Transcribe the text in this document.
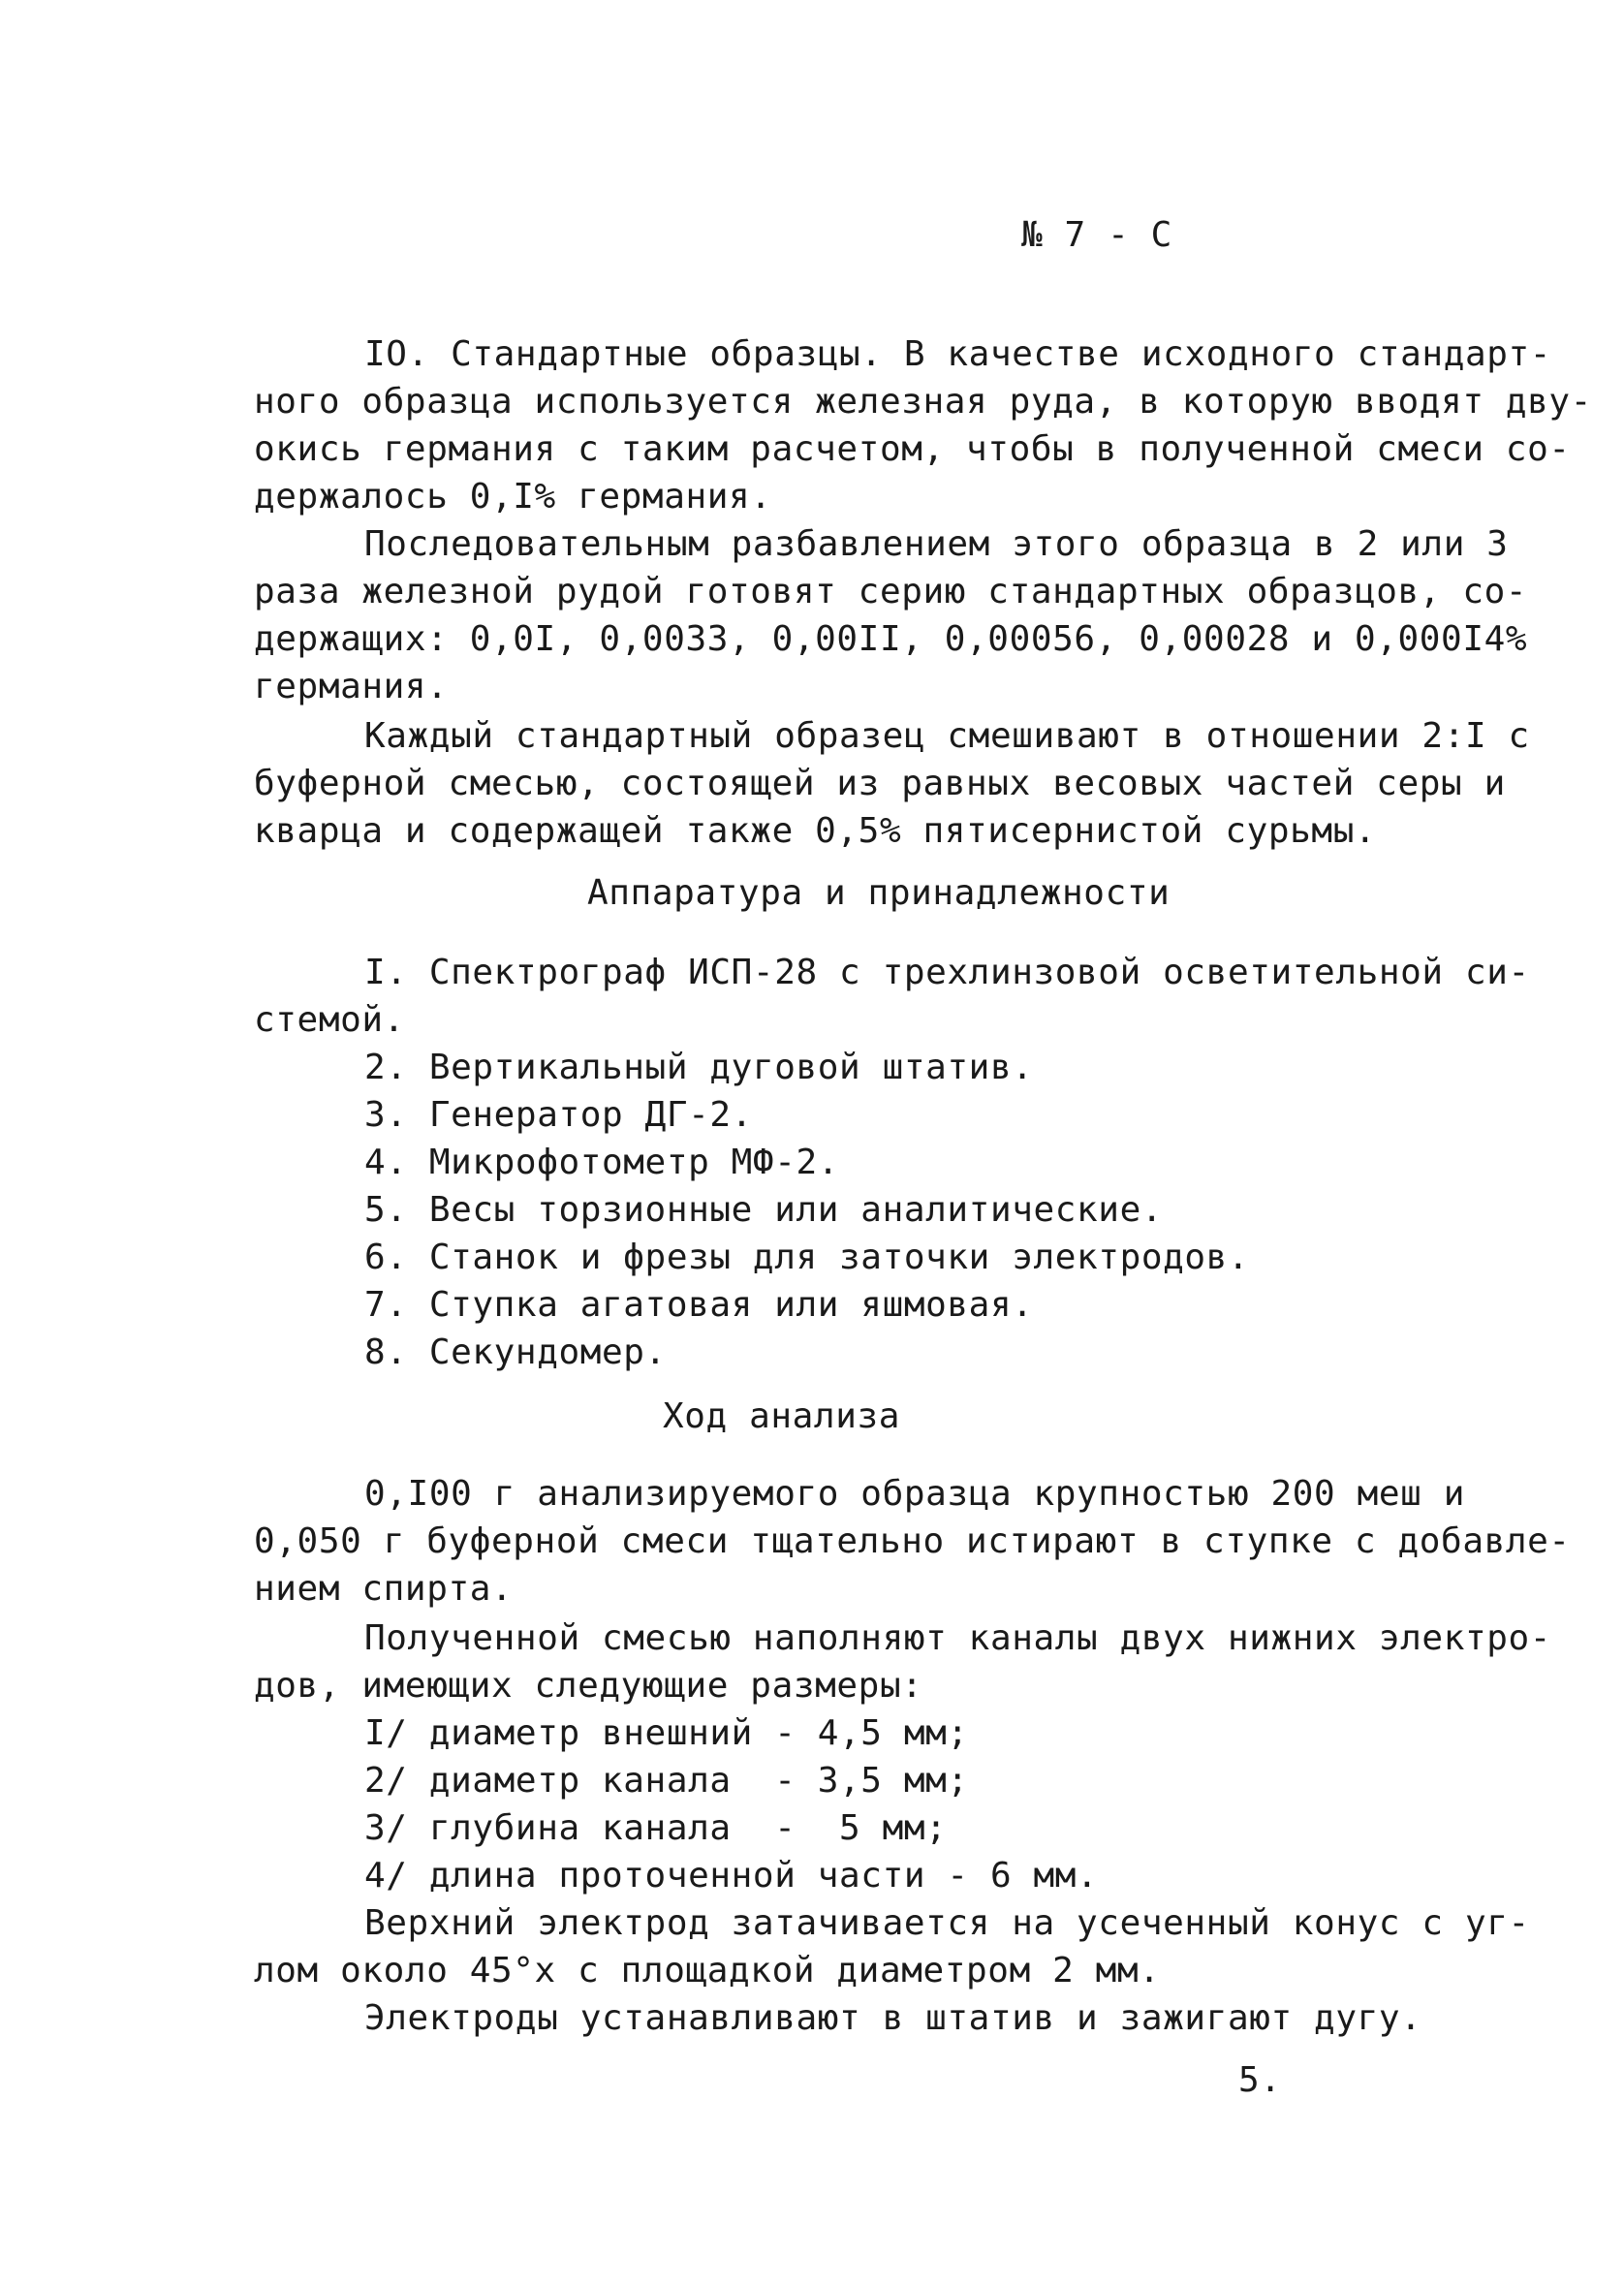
№ 7 - С
IO. Стандартные образцы. В качестве исходного стандарт-
ного образца используется железная руда, в которую вводят дву-
окись германия с таким расчетом, чтобы в полученной смеси со-
держалось 0,I% германия.
Последовательным разбавлением этого образца в 2 или 3
раза железной рудой готовят серию стандартных образцов, со-
держащих: 0,0I, 0,0033, 0,00II, 0,00056, 0,00028 и 0,000I4%
германия.
Каждый стандартный образец смешивают в отношении 2:I с
буферной смесью, состоящей из равных весовых частей серы и
кварца и содержащей также 0,5% пятисернистой сурьмы.
Аппаратура и принадлежности
I. Спектрограф ИСП-28 с трехлинзовой осветительной си-
стемой.
2. Вертикальный дуговой штатив.
3. Генератор ДГ-2.
4. Микрофотометр МФ-2.
5. Весы торзионные или аналитические.
6. Станок и фрезы для заточки электродов.
7. Ступка агатовая или яшмовая.
8. Секундомер.
Ход анализа
0,I00 г анализируемого образца крупностью 200 меш и
0,050 г буферной смеси тщательно истирают в ступке с добавле-
нием спирта.
Полученной смесью наполняют каналы двух нижних электро-
дов, имеющих следующие размеры:
I/ диаметр внешний - 4,5 мм;
2/ диаметр канала  - 3,5 мм;
3/ глубина канала  -  5 мм;
4/ длина проточенной части - 6 мм.
Верхний электрод затачивается на усеченный конус с уг-
лом около 45°х с площадкой диаметром 2 мм.
Электроды устанавливают в штатив и зажигают дугу.
5.
